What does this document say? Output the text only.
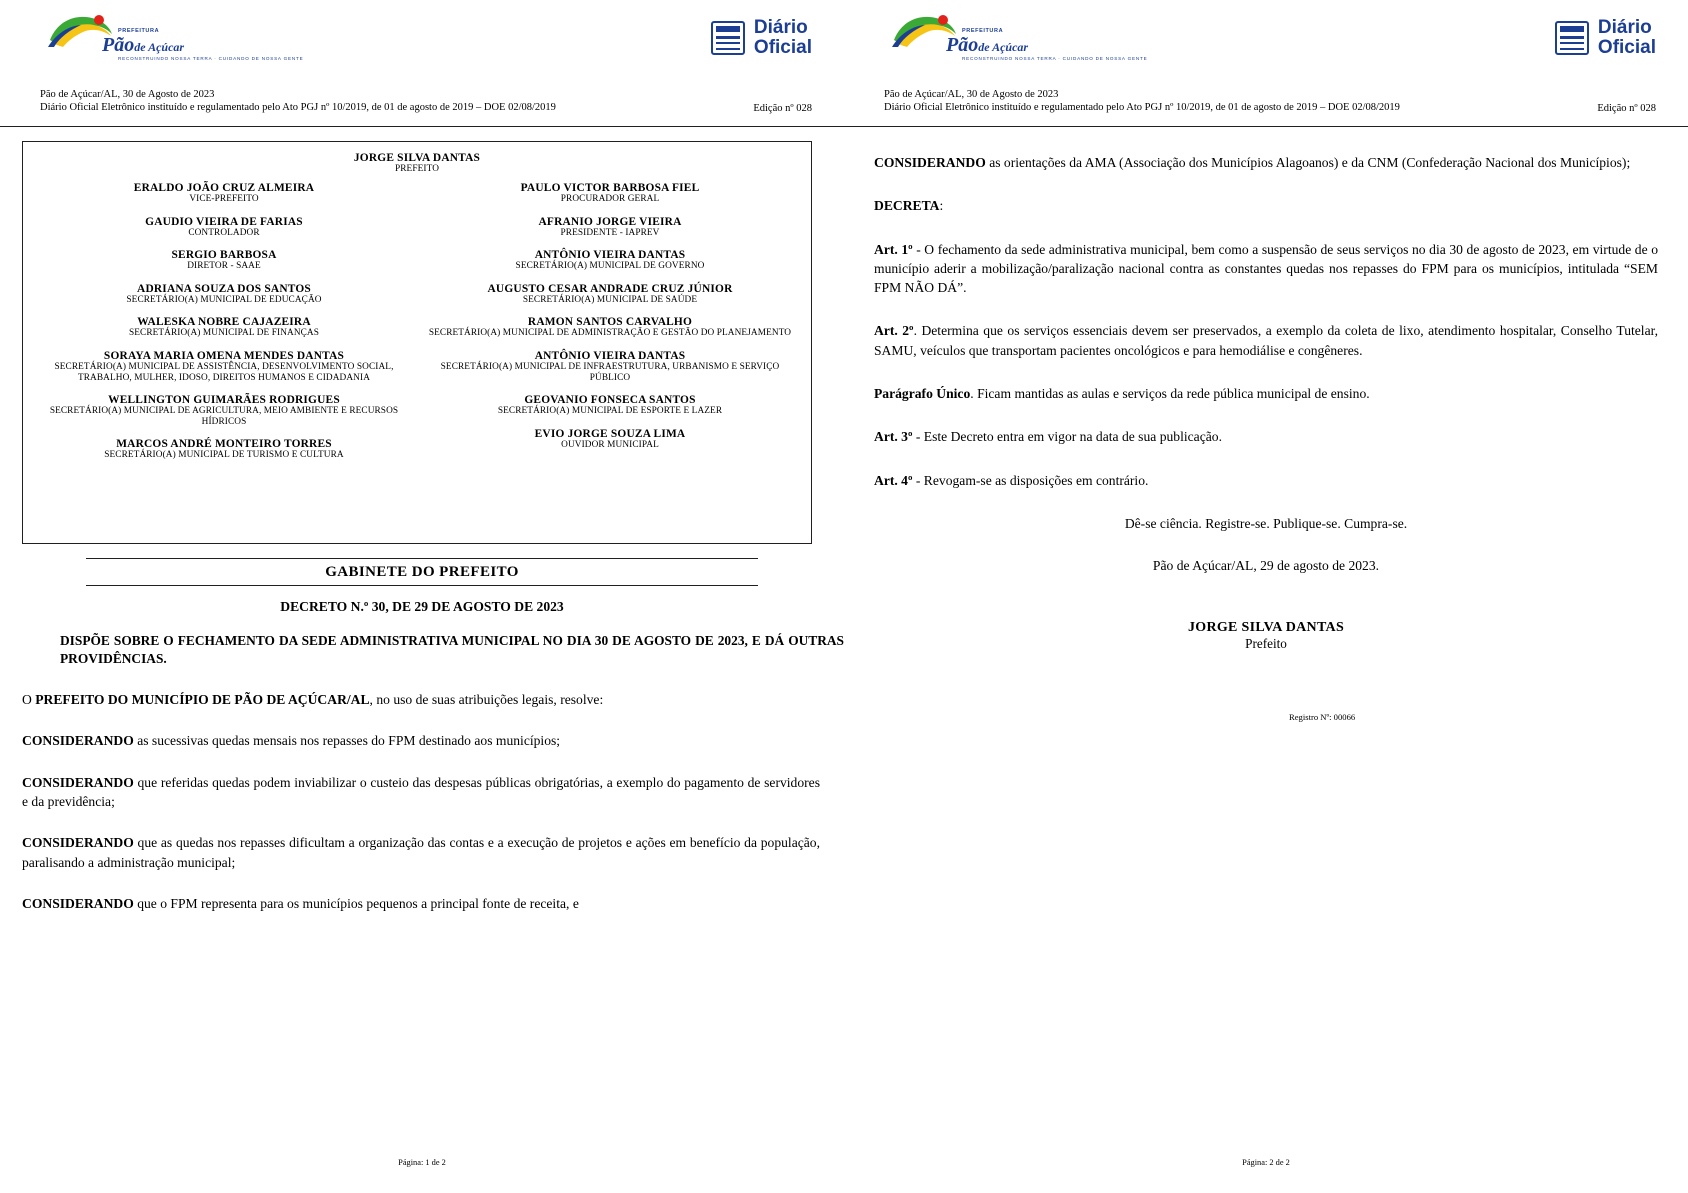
PREFEITURA
Pãode Açúcar
RECONSTRUINDO NOSSA TERRA · CUIDANDO DE NOSSA GENTE
Diário
Oficial
Pão de Açúcar/AL, 30 de Agosto de 2023
Diário Oficial Eletrônico instituído e regulamentado pelo Ato PGJ nº 10/2019, de 01 de agosto de 2019 – DOE 02/08/2019	Edição nº 028
JORGE SILVA DANTAS
PREFEITO
ERALDO JOÃO CRUZ ALMEIRA
VICE-PREFEITO
GAUDIO VIEIRA DE FARIAS
CONTROLADOR
SERGIO BARBOSA
DIRETOR - SAAE
ADRIANA SOUZA DOS SANTOS
SECRETÁRIO(A) MUNICIPAL DE EDUCAÇÃO
WALESKA NOBRE CAJAZEIRA
SECRETÁRIO(A) MUNICIPAL DE FINANÇAS
SORAYA MARIA OMENA MENDES DANTAS
SECRETÁRIO(A) MUNICIPAL DE ASSISTÊNCIA, DESENVOLVIMENTO SOCIAL, TRABALHO, MULHER, IDOSO, DIREITOS HUMANOS E CIDADANIA
WELLINGTON GUIMARÃES RODRIGUES
SECRETÁRIO(A) MUNICIPAL DE AGRICULTURA, MEIO AMBIENTE E RECURSOS HÍDRICOS
MARCOS ANDRÉ MONTEIRO TORRES
SECRETÁRIO(A) MUNICIPAL DE TURISMO E CULTURA
PAULO VICTOR BARBOSA FIEL
PROCURADOR GERAL
AFRANIO JORGE VIEIRA
PRESIDENTE - IAPREV
ANTÔNIO VIEIRA DANTAS
SECRETÁRIO(A) MUNICIPAL DE GOVERNO
AUGUSTO CESAR ANDRADE CRUZ JÚNIOR
SECRETÁRIO(A) MUNICIPAL DE SAÚDE
RAMON SANTOS CARVALHO
SECRETÁRIO(A) MUNICIPAL DE ADMINISTRAÇÃO E GESTÃO DO PLANEJAMENTO
ANTÔNIO VIEIRA DANTAS
SECRETÁRIO(A) MUNICIPAL DE INFRAESTRUTURA, URBANISMO E SERVIÇO PÚBLICO
GEOVANIO FONSECA SANTOS
SECRETÁRIO(A) MUNICIPAL DE ESPORTE E LAZER
EVIO JORGE SOUZA LIMA
OUVIDOR MUNICIPAL
GABINETE DO PREFEITO
DECRETO N.º 30, DE 29 DE AGOSTO DE 2023
DISPÕE SOBRE O FECHAMENTO DA SEDE ADMINISTRATIVA MUNICIPAL NO DIA 30 DE AGOSTO DE 2023, E DÁ OUTRAS PROVIDÊNCIAS.

O PREFEITO DO MUNICÍPIO DE PÃO DE AÇÚCAR/AL, no uso de suas atribuições legais, resolve:

CONSIDERANDO as sucessivas quedas mensais nos repasses do FPM destinado aos municípios;

CONSIDERANDO que referidas quedas podem inviabilizar o custeio das despesas públicas obrigatórias, a exemplo do pagamento de servidores e da previdência;

CONSIDERANDO que as quedas nos repasses dificultam a organização das contas e a execução de projetos e ações em benefício da população, paralisando a administração municipal;

CONSIDERANDO que o FPM representa para os municípios pequenos a principal fonte de receita, e

Página: 1 de 2
PREFEITURA
Pãode Açúcar
RECONSTRUINDO NOSSA TERRA · CUIDANDO DE NOSSA GENTE
Diário
Oficial
Pão de Açúcar/AL, 30 de Agosto de 2023
Diário Oficial Eletrônico instituído e regulamentado pelo Ato PGJ nº 10/2019, de 01 de agosto de 2019 – DOE 02/08/2019	Edição nº 028

CONSIDERANDO as orientações da AMA (Associação dos Municípios Alagoanos) e da CNM (Confederação Nacional dos Municípios);

DECRETA:

Art. 1º - O fechamento da sede administrativa municipal, bem como a suspensão de seus serviços no dia 30 de agosto de 2023, em virtude de o município aderir a mobilização/paralização nacional contra as constantes quedas nos repasses do FPM para os municípios, intitulada “SEM FPM NÃO DÁ”.

Art. 2º. Determina que os serviços essenciais devem ser preservados, a exemplo da coleta de lixo, atendimento hospitalar, Conselho Tutelar, SAMU, veículos que transportam pacientes oncológicos e para hemodiálise e congêneres.

Parágrafo Único. Ficam mantidas as aulas e serviços da rede pública municipal de ensino.

Art. 3º - Este Decreto entra em vigor na data de sua publicação.

Art. 4º - Revogam-se as disposições em contrário.

Dê-se ciência. Registre-se. Publique-se. Cumpra-se.
Pão de Açúcar/AL, 29 de agosto de 2023.
JORGE SILVA DANTAS
Prefeito
Registro Nº: 00066
Página: 2 de 2
